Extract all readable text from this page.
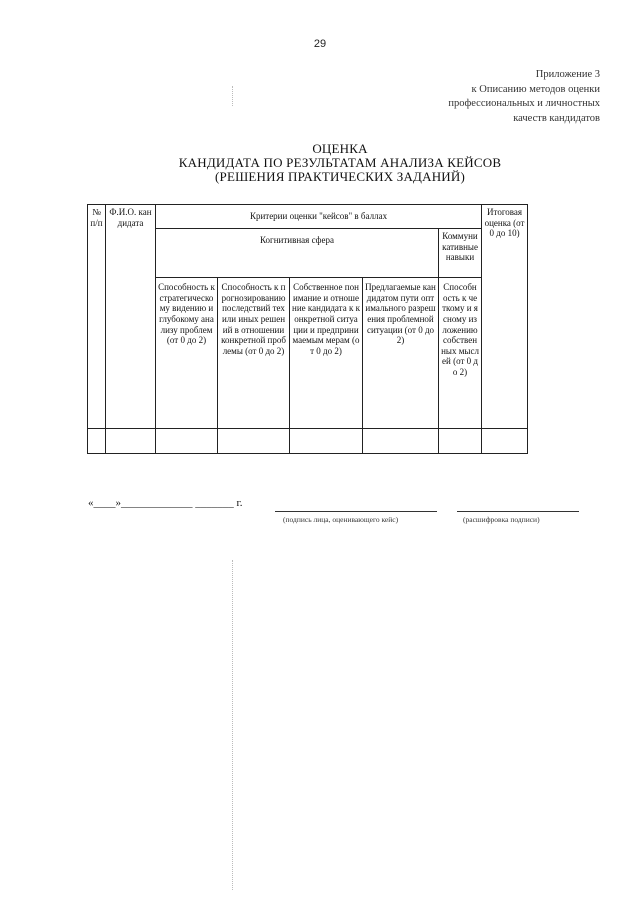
29
Приложение 3
к Описанию методов оценки
профессиональных и личностных
качеств кандидатов
ОЦЕНКА
КАНДИДАТА ПО РЕЗУЛЬТАТАМ АНАЛИЗА КЕЙСОВ
(РЕШЕНИЯ ПРАКТИЧЕСКИХ ЗАДАНИЙ)
№ п/п	Ф.И.О. кандидата	Критерии оценки "кейсов" в баллах					Итоговая оценка (от 0 до 10)
		Когнитивная сфера				Коммуникативные навыки	
		Способность к стратегическому видению и глубокому анализу проблем (от 0 до 2)	Способность к прогнозированию последствий тех или иных решений в отношении конкретной проблемы (от 0 до 2)	Собственное понимание и отношение кандидата к конкретной ситуации и предпринимаемым мерам (от 0 до 2)	Предлагаемые кандидатом пути оптимального разрешения проблемной ситуации (от 0 до 2)	Способность к четкому и ясному изложению собственных мыслей (от 0 до 2)	

«____»_____________ _______ г.
(подпись лица, оценивающего кейс)	(расшифровка подписи)
